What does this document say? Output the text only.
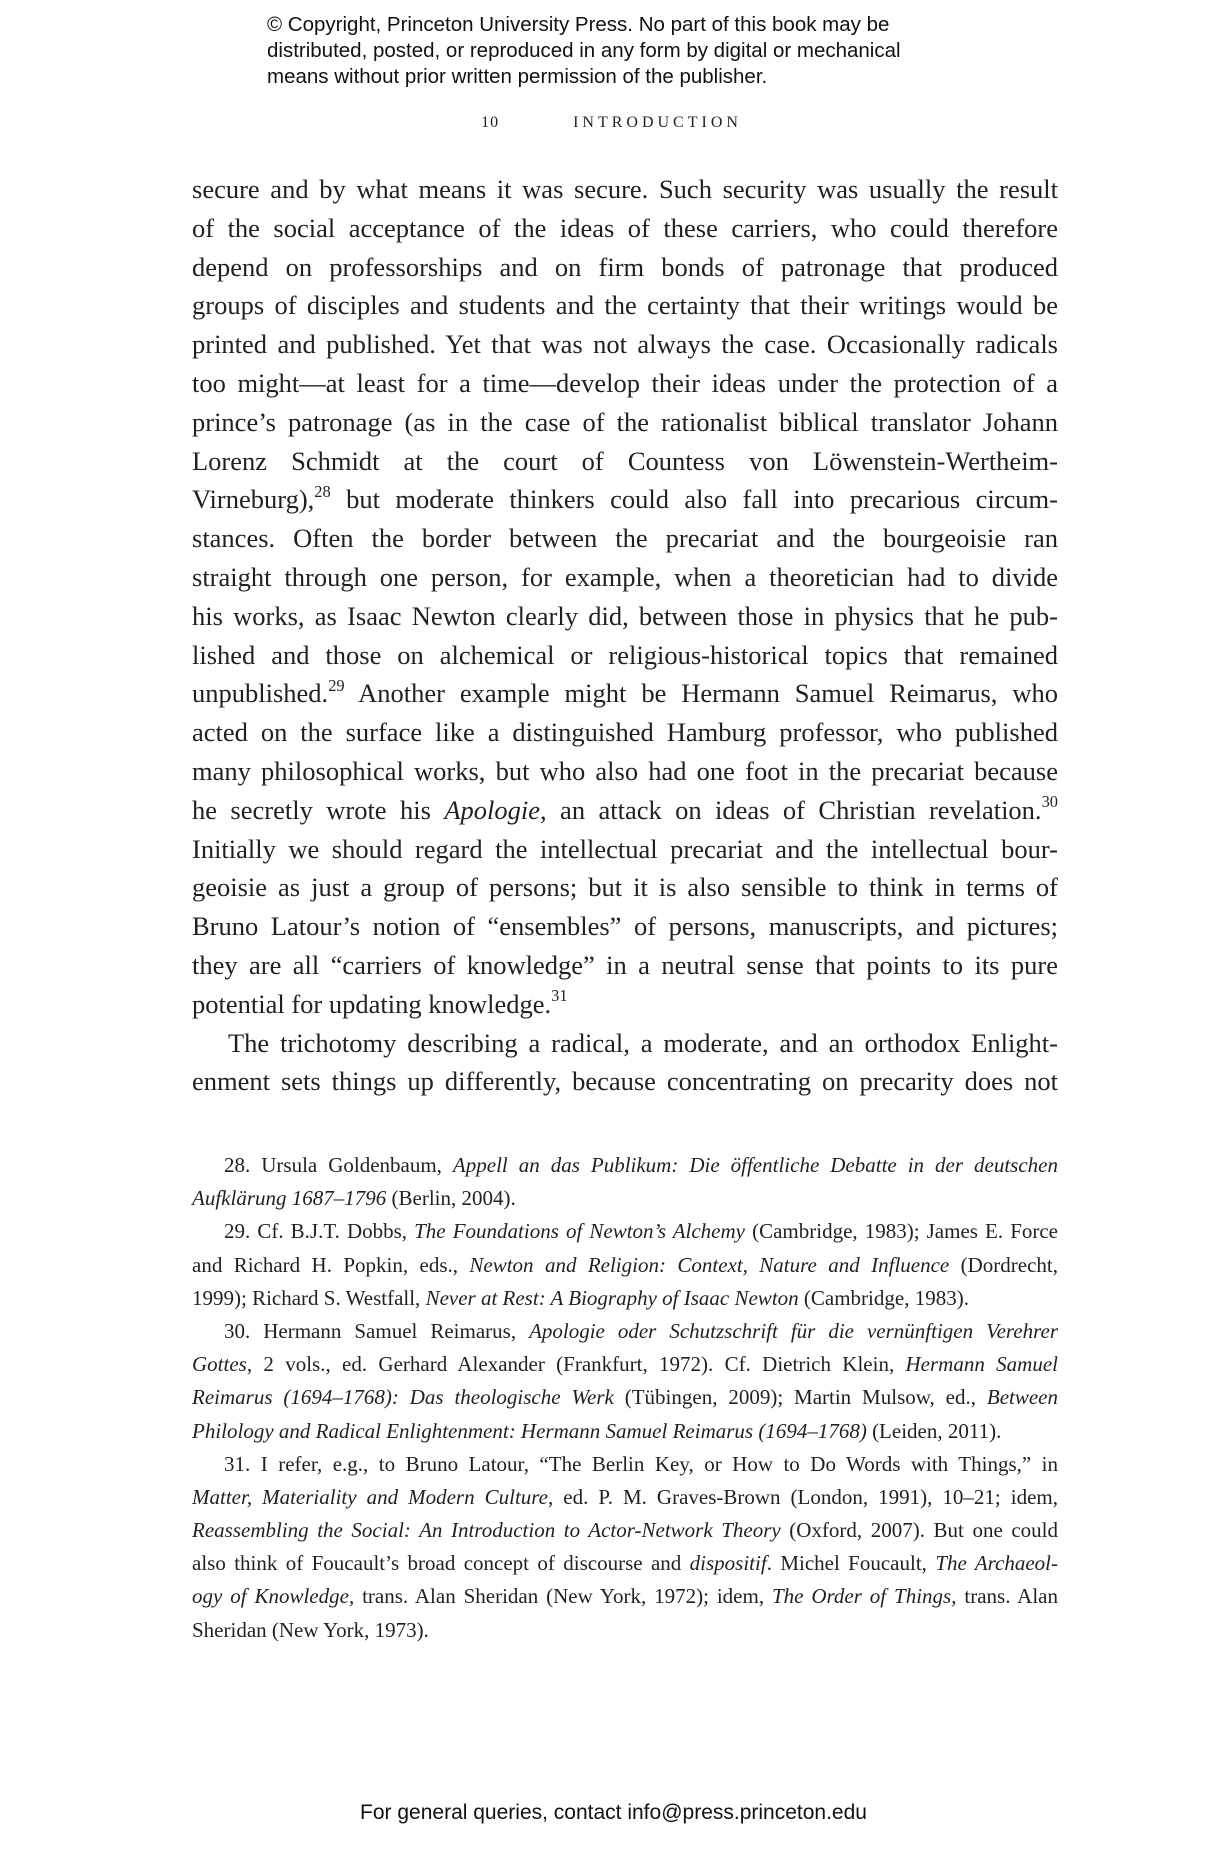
© Copyright, Princeton University Press. No part of this book may be
distributed, posted, or reproduced in any form by digital or mechanical
means without prior written permission of the publisher.
10	INTRODUCTION
secure and by what means it was secure. Such security was usually the result
of the social acceptance of the ideas of these carriers, who could therefore
depend on professorships and on firm bonds of patronage that produced
groups of disciples and students and the certainty that their writings would be
printed and published. Yet that was not always the case. Occasionally radicals
too might—at least for a time—develop their ideas under the protection of a
prince’s patronage (as in the case of the rationalist biblical translator Johann
Lorenz Schmidt at the court of Countess von Löwenstein-Wertheim-
Virneburg),$^{28}$ but moderate thinkers could also fall into precarious circum-
stances. Often the border between the precariat and the bourgeoisie ran
straight through one person, for example, when a theoretician had to divide
his works, as Isaac Newton clearly did, between those in physics that he pub-
lished and those on alchemical or religious-historical topics that remained
unpublished.$^{29}$ Another example might be Hermann Samuel Reimarus, who
acted on the surface like a distinguished Hamburg professor, who published
many philosophical works, but who also had one foot in the precariat because
he secretly wrote his Apologie, an attack on ideas of Christian revelation.$^{30}$
Initially we should regard the intellectual precariat and the intellectual bour-
geoisie as just a group of persons; but it is also sensible to think in terms of
Bruno Latour’s notion of “ensembles” of persons, manuscripts, and pictures;
they are all “carriers of knowledge” in a neutral sense that points to its pure
potential for updating knowledge.$^{31}$
The trichotomy describing a radical, a moderate, and an orthodox Enlight-
enment sets things up differently, because concentrating on precarity does not
28. Ursula Goldenbaum, Appell an das Publikum: Die öffentliche Debatte in der deutschen
Aufklärung 1687–1796 (Berlin, 2004).
29. Cf. B.J.T. Dobbs, The Foundations of Newton’s Alchemy (Cambridge, 1983); James E. Force
and Richard H. Popkin, eds., Newton and Religion: Context, Nature and Influence (Dordrecht,
1999); Richard S. Westfall, Never at Rest: A Biography of Isaac Newton (Cambridge, 1983).
30. Hermann Samuel Reimarus, Apologie oder Schutzschrift für die vernünftigen Verehrer
Gottes, 2 vols., ed. Gerhard Alexander (Frankfurt, 1972). Cf. Dietrich Klein, Hermann Samuel
Reimarus (1694–1768): Das theologische Werk (Tübingen, 2009); Martin Mulsow, ed., Between
Philology and Radical Enlightenment: Hermann Samuel Reimarus (1694–1768) (Leiden, 2011).
31. I refer, e.g., to Bruno Latour, “The Berlin Key, or How to Do Words with Things,” in
Matter, Materiality and Modern Culture, ed. P. M. Graves-Brown (London, 1991), 10–21; idem,
Reassembling the Social: An Introduction to Actor-Network Theory (Oxford, 2007). But one could
also think of Foucault’s broad concept of discourse and dispositif. Michel Foucault, The Archaeol-
ogy of Knowledge, trans. Alan Sheridan (New York, 1972); idem, The Order of Things, trans. Alan
Sheridan (New York, 1973).
For general queries, contact info@press.princeton.edu
